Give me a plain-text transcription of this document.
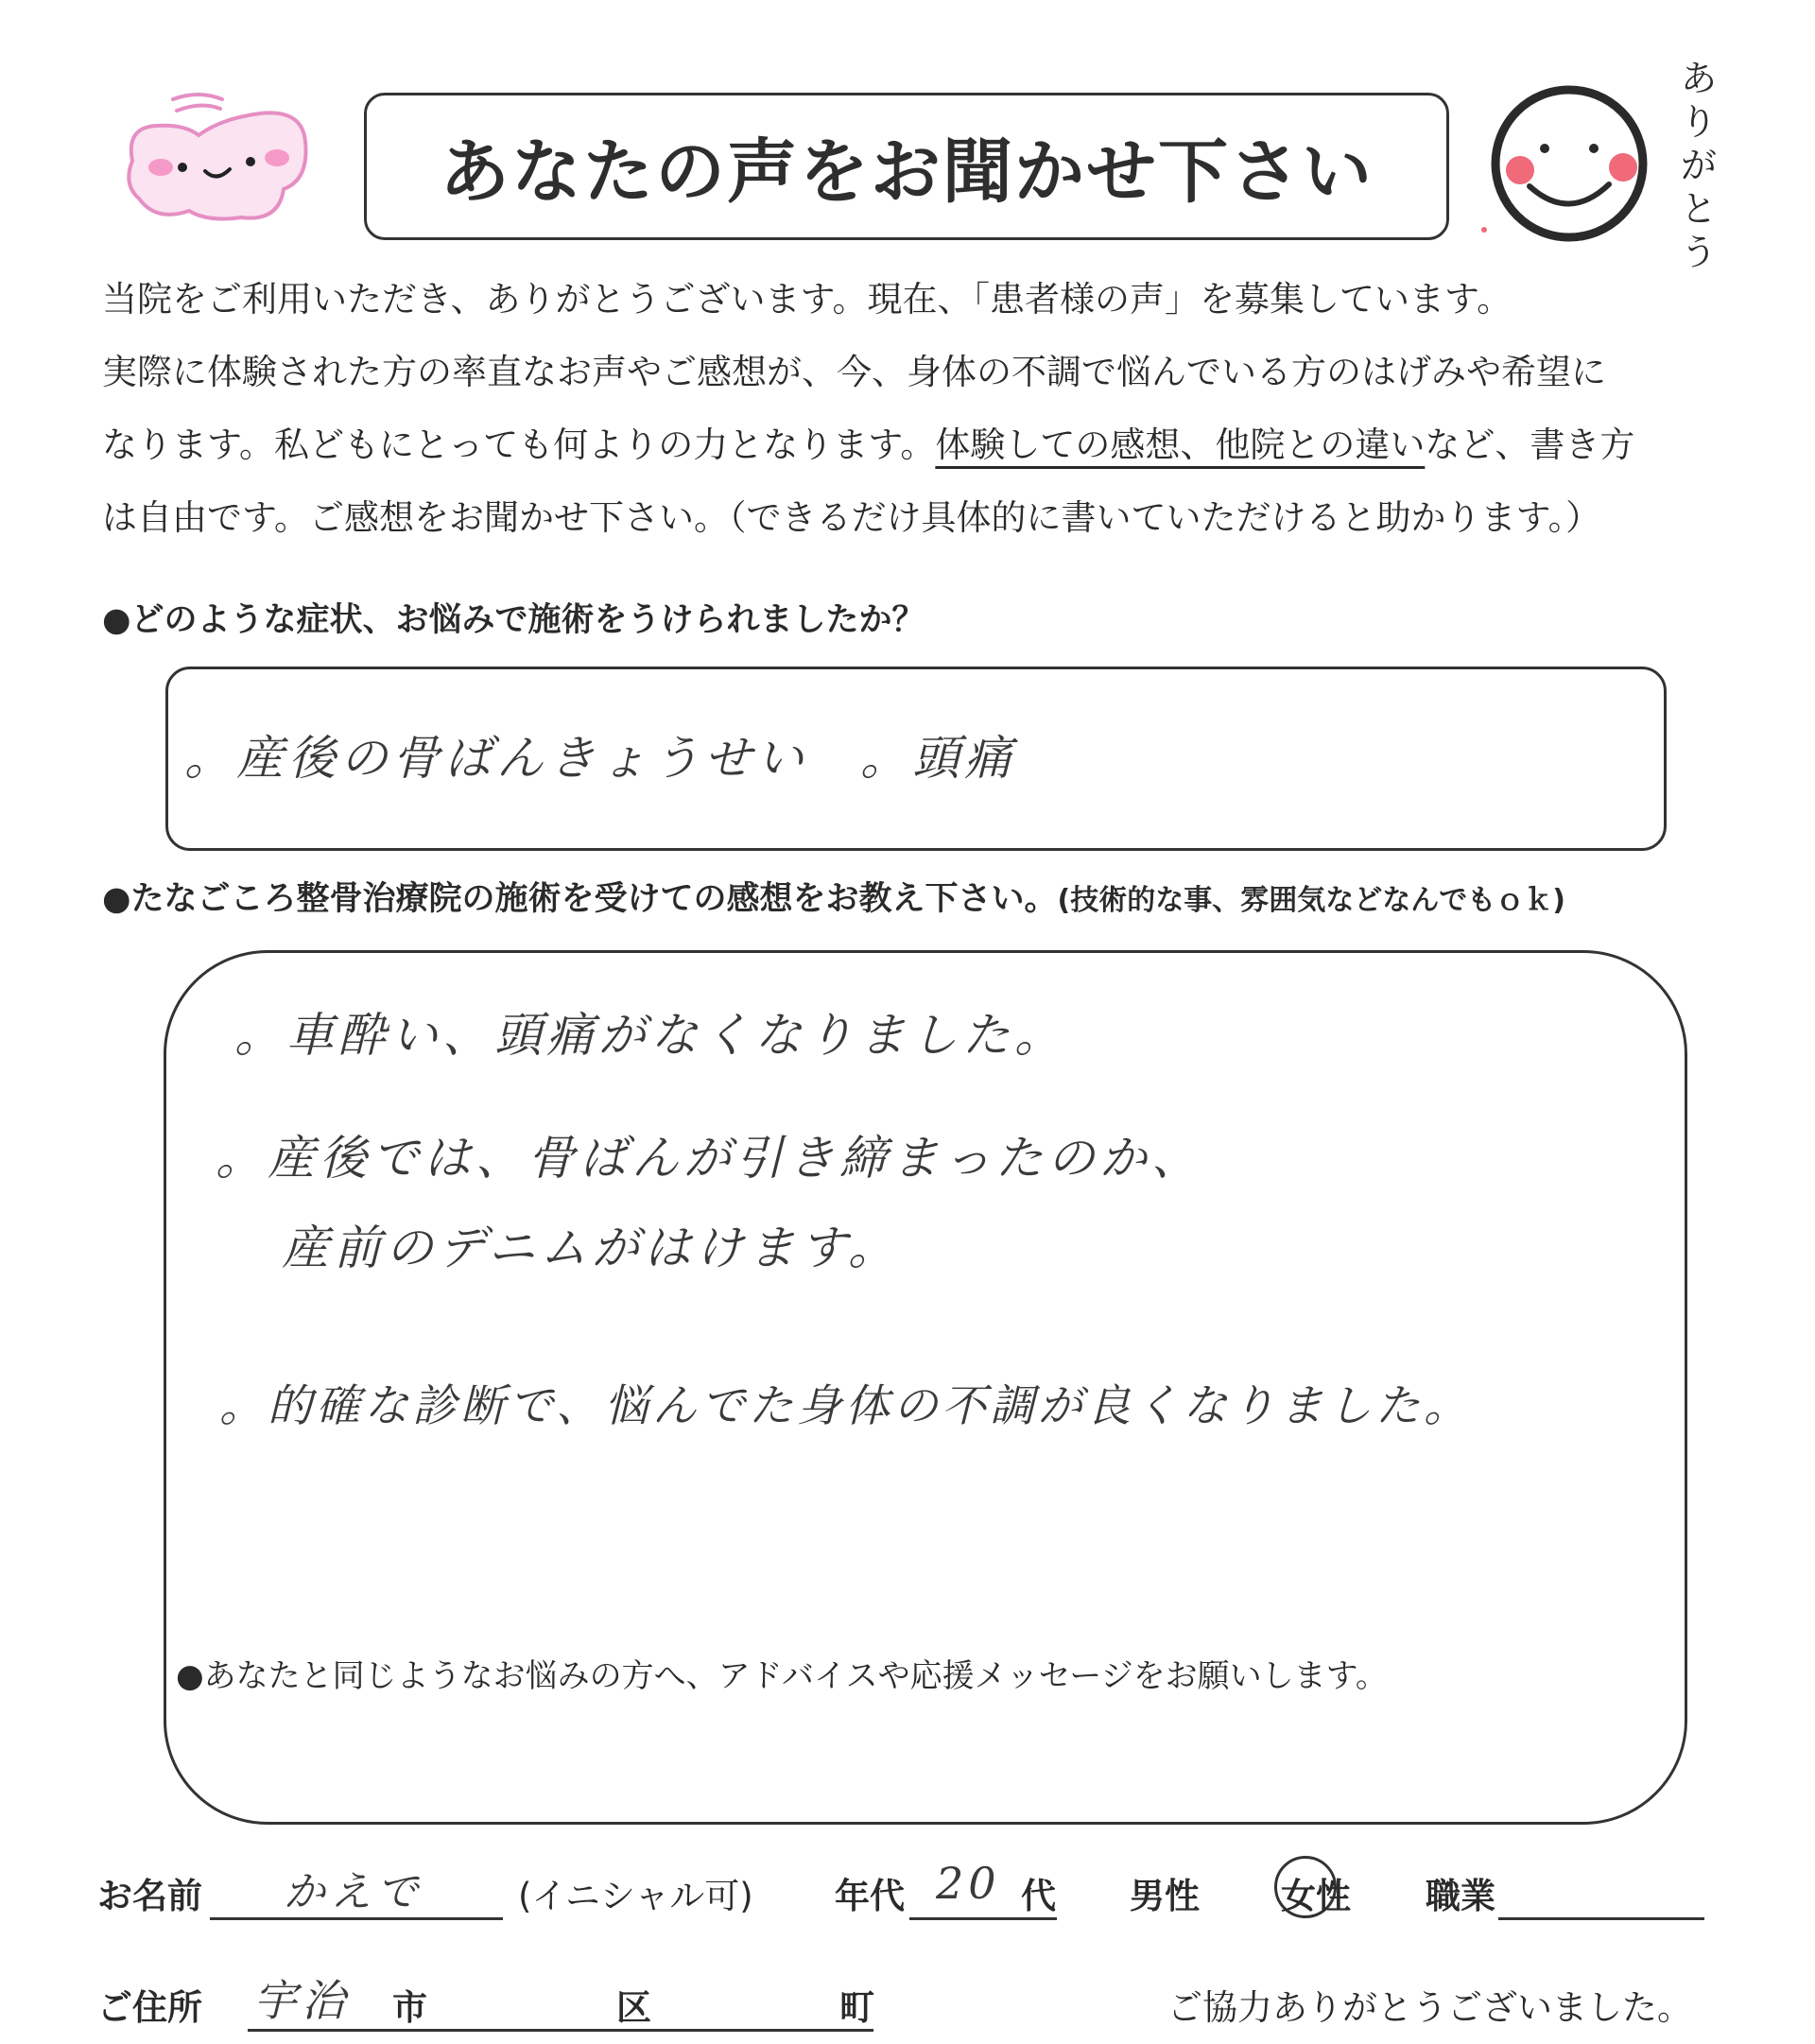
あなたの声をお聞かせ下さい
ありがとう

当院をご利用いただき、ありがとうございます。現在、「患者様の声」を募集しています。

実際に体験された方の率直なお声やご感想が、今、身体の不調で悩んでいる方のはげみや希望に

なります。私どもにとっても何よりの力となります。体験しての感想、他院との違いなど、書き方

は自由です。ご感想をお聞かせ下さい。（できるだけ具体的に書いていただけると助かります。）

●どのような症状、お悩みで施術をうけられましたか？
。産後の骨ばんきょうせい　。頭痛
●たなごころ整骨治療院の施術を受けての感想をお教え下さい。(技術的な事、雰囲気などなんでもｏｋ)
。車酔い、頭痛がなくなりました。
。産後では、骨ばんが引き締まったのか、
産前のデニムがはけます。
。的確な診断で、悩んでた身体の不調が良くなりました。
●あなたと同じようなお悩みの方へ、アドバイスや応援メッセージをお願いします。
お名前 かえで	(イニシャル可) 年代 20 代 男性 女性 職業
ご住所 宇治 市	区	町	ご協力ありがとうございました。
